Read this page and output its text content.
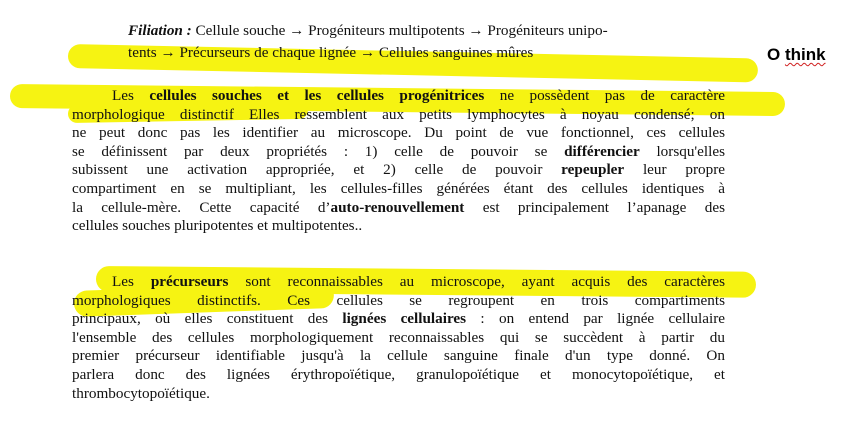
Filiation : Cellule souche → Progéniteurs multipotents → Progéniteurs unipo-
tents → Précurseurs de chaque lignée → Cellules sanguines mûres	O think
Les cellules souches et les cellules progénitrices ne possèdent pas de caractère
morphologique distinctif Elles ressemblent aux petits lymphocytes à noyau condensé; on
ne peut donc pas les identifier au microscope. Du point de vue fonctionnel, ces cellules
se définissent par deux propriétés : 1) celle de pouvoir se différencier lorsqu'elles
subissent une activation appropriée, et 2) celle de pouvoir repeupler leur propre
compartiment en se multipliant, les cellules-filles générées étant des cellules identiques à
la cellule-mère. Cette capacité d’auto-renouvellement est principalement l’apanage des
cellules souches pluripotentes et multipotentes..
Les précurseurs sont reconnaissables au microscope, ayant acquis des caractères
morphologiques distinctifs. Ces cellules se regroupent en trois compartiments
principaux, où elles constituent des lignées cellulaires : on entend par lignée cellulaire
l'ensemble des cellules morphologiquement reconnaissables qui se succèdent à partir du
premier précurseur identifiable jusqu'à la cellule sanguine finale d'un type donné. On
parlera donc des lignées érythropoïétique, granulopoïétique et monocytopoïétique, et
thrombocytopoïétique.
